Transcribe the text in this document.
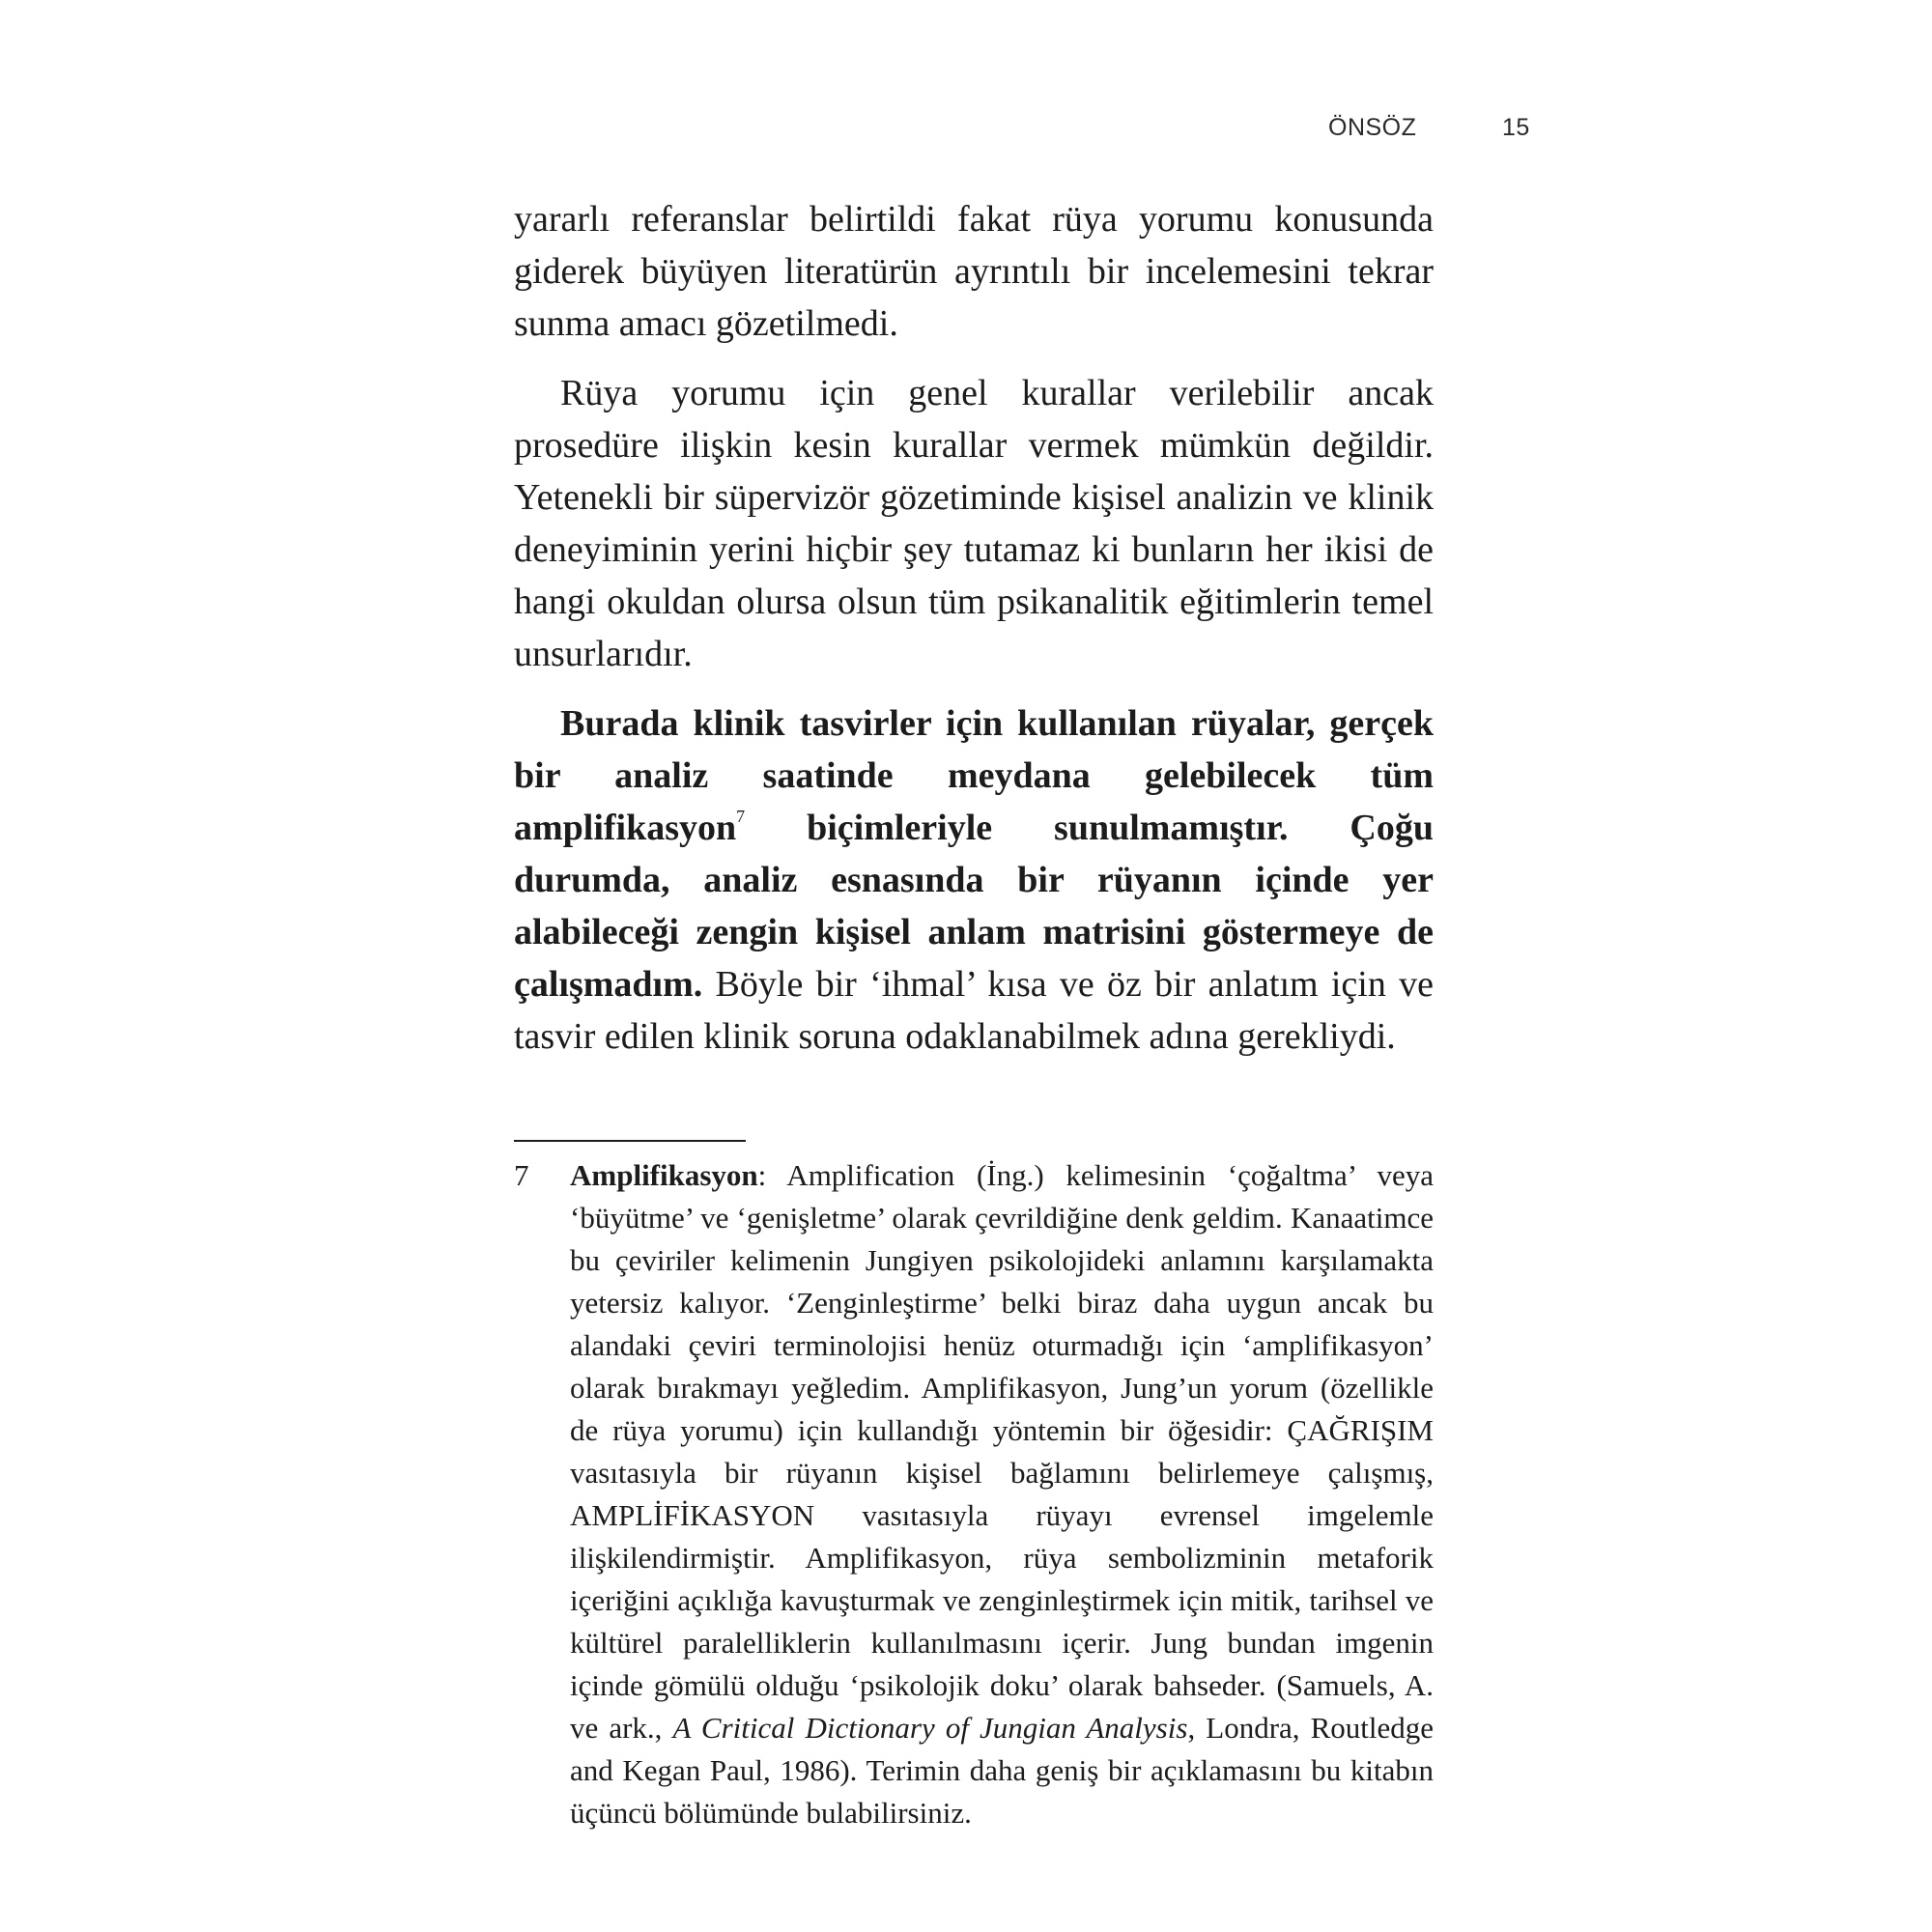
ÖNSÖZ	15

yararlı referanslar belirtildi fakat rüya yorumu konusunda giderek büyüyen literatürün ayrıntılı bir incelemesini tekrar sunma amacı gözetilmedi.

Rüya yorumu için genel kurallar verilebilir ancak prosedüre ilişkin kesin kurallar vermek mümkün değildir. Yetenekli bir süpervizör gözetiminde kişisel analizin ve klinik deneyiminin yerini hiçbir şey tutamaz ki bunların her ikisi de hangi okuldan olursa olsun tüm psikanalitik eğitimlerin temel unsurlarıdır.

Burada klinik tasvirler için kullanılan rüyalar, gerçek bir analiz saatinde meydana gelebilecek tüm amplifikasyon$^7$ biçimleriyle sunulmamıştır. Çoğu durumda, analiz esnasında bir rüyanın içinde yer alabileceği zengin kişisel anlam matrisini göstermeye de çalışmadım. Böyle bir ‘ihmal’ kısa ve öz bir anlatım için ve tasvir edilen klinik soruna odaklanabilmek adına gerekliydi.

7	Amplifikasyon: Amplification (İng.) kelimesinin ‘çoğaltma’ veya ‘büyütme’ ve ‘genişletme’ olarak çevrildiğine denk geldim. Kanaatimce bu çeviriler kelimenin Jungiyen psikolojideki anlamını karşılamakta yetersiz kalıyor. ‘Zenginleştirme’ belki biraz daha uygun ancak bu alandaki çeviri terminolojisi henüz oturmadığı için ‘amplifikasyon’ olarak bırakmayı yeğledim. Amplifikasyon, Jung’un yorum (özellikle de rüya yorumu) için kullandığı yöntemin bir öğesidir: ÇAĞRIŞIM vasıtasıyla bir rüyanın kişisel bağlamını belirlemeye çalışmış, AMPLİFİKASYON vasıtasıyla rüyayı evrensel imgelemle ilişkilendirmiştir. Amplifikasyon, rüya sembolizminin metaforik içeriğini açıklığa kavuşturmak ve zenginleştirmek için mitik, tarihsel ve kültürel paralelliklerin kullanılmasını içerir. Jung bundan imgenin içinde gömülü olduğu ‘psikolojik doku’ olarak bahseder. (Samuels, A. ve ark., A Critical Dictionary of Jungian Analysis, Londra, Routledge and Kegan Paul, 1986). Terimin daha geniş bir açıklamasını bu kitabın üçüncü bölümünde bulabilirsiniz.
